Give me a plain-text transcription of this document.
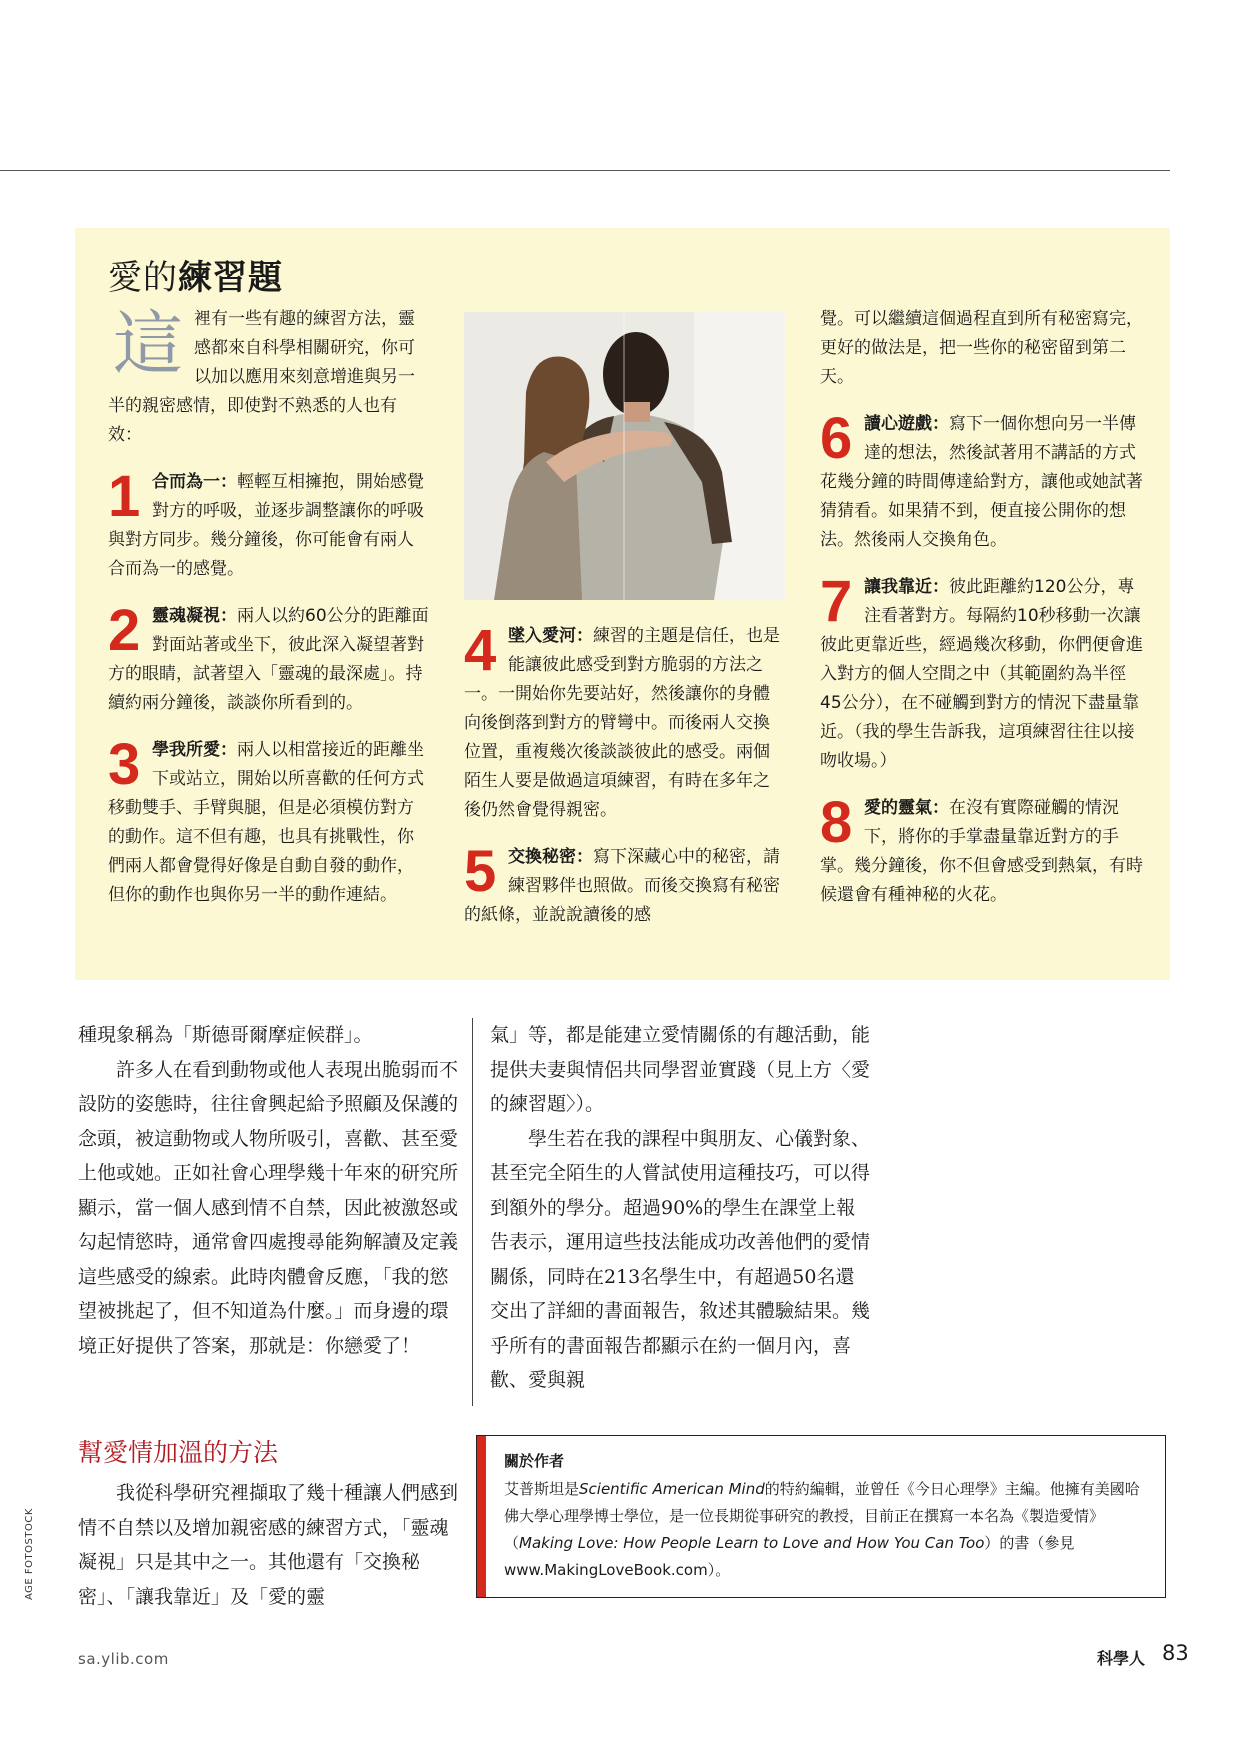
愛的練習題

這裡有一些有趣的練習方法，靈感都來自科學相關研究，你可以加以應用來刻意增進與另一半的親密感情，即使對不熟悉的人也有效：

1 合而為一：輕輕互相擁抱，開始感覺對方的呼吸，並逐步調整讓你的呼吸與對方同步。幾分鐘後，你可能會有兩人合而為一的感覺。

2 靈魂凝視：兩人以約60公分的距離面對面站著或坐下，彼此深入凝望著對方的眼睛，試著望入「靈魂的最深處」。持續約兩分鐘後，談談你所看到的。

3 學我所愛：兩人以相當接近的距離坐下或站立，開始以所喜歡的任何方式移動雙手、手臂與腿，但是必須模仿對方的動作。這不但有趣，也具有挑戰性，你們兩人都會覺得好像是自動自發的動作，但你的動作也與你另一半的動作連結。

4 墜入愛河：練習的主題是信任，也是能讓彼此感受到對方脆弱的方法之一。一開始你先要站好，然後讓你的身體向後倒落到對方的臂彎中。而後兩人交換位置，重複幾次後談談彼此的感受。兩個陌生人要是做過這項練習，有時在多年之後仍然會覺得親密。

5 交換秘密：寫下深藏心中的秘密，請練習夥伴也照做。而後交換寫有秘密的紙條，並說說讀後的感

覺。可以繼續這個過程直到所有秘密寫完，更好的做法是，把一些你的秘密留到第二天。

6 讀心遊戲：寫下一個你想向另一半傳達的想法，然後試著用不講話的方式花幾分鐘的時間傳達給對方，讓他或她試著猜猜看。如果猜不到，便直接公開你的想法。然後兩人交換角色。

7 讓我靠近：彼此距離約120公分，專注看著對方。每隔約10秒移動一次讓彼此更靠近些，經過幾次移動，你們便會進入對方的個人空間之中（其範圍約為半徑45公分），在不碰觸到對方的情況下盡量靠近。（我的學生告訴我，這項練習往往以接吻收場。）

8 愛的靈氣：在沒有實際碰觸的情況下，將你的手掌盡量靠近對方的手掌。幾分鐘後，你不但會感受到熱氣，有時候還會有種神秘的火花。

種現象稱為「斯德哥爾摩症候群」。

許多人在看到動物或他人表現出脆弱而不設防的姿態時，往往會興起給予照顧及保護的念頭，被這動物或人物所吸引，喜歡、甚至愛上他或她。正如社會心理學幾十年來的研究所顯示，當一個人感到情不自禁，因此被激怒或勾起情慾時，通常會四處搜尋能夠解讀及定義這些感受的線索。此時肉體會反應，「我的慾望被挑起了，但不知道為什麼。」而身邊的環境正好提供了答案，那就是：你戀愛了！

氣」等，都是能建立愛情關係的有趣活動，能提供夫妻與情侶共同學習並實踐（見上方〈愛的練習題〉）。

學生若在我的課程中與朋友、心儀對象、甚至完全陌生的人嘗試使用這種技巧，可以得到額外的學分。超過90%的學生在課堂上報告表示，運用這些技法能成功改善他們的愛情關係，同時在213名學生中，有超過50名還交出了詳細的書面報告，敘述其體驗結果。幾乎所有的書面報告都顯示在約一個月內，喜歡、愛與親

幫愛情加溫的方法

我從科學研究裡擷取了幾十種讓人們感到情不自禁以及增加親密感的練習方式，「靈魂凝視」只是其中之一。其他還有「交換秘密」、「讓我靠近」及「愛的靈

關於作者
艾普斯坦是Scientific American Mind的特約編輯，並曾任《今日心理學》主編。他擁有美國哈佛大學心理學博士學位，是一位長期從事研究的教授，目前正在撰寫一本名為《製造愛情》（Making Love: How People Learn to Love and How You Can Too）的書（參見www.MakingLoveBook.com）。
AGE FOTOSTOCK
sa.ylib.com	科學人 83
